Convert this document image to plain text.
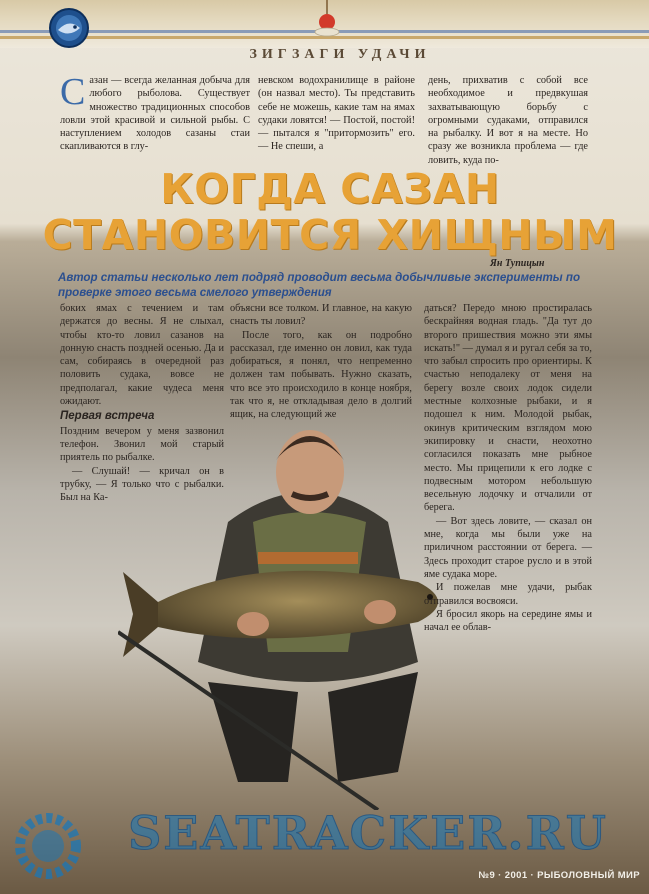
ЗИГЗАГИ УДАЧИ
С азан — всегда желанная добыча для любого рыболова. Существует множество традиционных способов ловли этой красивой и сильной рыбы. С наступлением холодов сазаны стаи скапливаются в глу-
невском водохранилище в районе (он назвал место). Ты представить себе не можешь, какие там на ямах судаки ловятся! — Постой, постой! — пытался я "притормозить" его. — Не спеши, а
день, прихватив с собой все необходимое и предвкушая захватывающую борьбу с огромными судаками, отправился на рыбалку. И вот я на месте. Но сразу же возникла проблема — где ловить, куда по-
КОГДА САЗАН
СТАНОВИТСЯ ХИЩНЫМ
Ян Тупицын
Автор статьи несколько лет подряд проводит весьма добычливые эксперименты по проверке этого весьма смелого утверждения
боких ямах с течением и там держатся до весны. Я не слыхал, чтобы кто-то ловил сазанов на донную снасть поздней осенью. Да и сам, собираясь в очередной раз половить судака, вовсе не предполагал, какие чудеса меня ожидают.
Первая встреча
Поздним вечером у меня зазвонил телефон. Звонил мой старый приятель по рыбалке.
— Слушай! — кричал он в трубку, — Я только что с рыбалки. Был на Ка-
объясни все толком. И главное, на какую снасть ты ловил?
После того, как он подробно рассказал, где именно он ловил, как туда добираться, я понял, что непременно должен там побывать. Нужно сказать, что все это происходило в конце ноября, так что я, не откладывая дело в долгий ящик, на следующий же
даться? Передо мною простиралась бескрайняя водная гладь. "Да тут до второго пришествия можно эти ямы искать!" — думал я и ругал себя за то, что забыл спросить про ориентиры. К счастью неподалеку от меня на берегу возле своих лодок сидели местные колхозные рыбаки, и я подошел к ним. Молодой рыбак, окинув критическим взглядом мою экипировку и снасти, неохотно согласился показать мне рыбное место. Мы прицепили к его лодке с подвесным мотором небольшую весельную лодочку и отчалили от берега.
— Вот здесь ловите, — сказал он мне, когда мы были уже на приличном расстоянии от берега. — Здесь проходит старое русло и в этой яме судака море.
И пожелав мне удачи, рыбак отправился восвояси.
Я бросил якорь на середине ямы и начал ее облав-
SEATRACKER.RU
№9 · 2001 · РЫБОЛОВНЫЙ МИР
